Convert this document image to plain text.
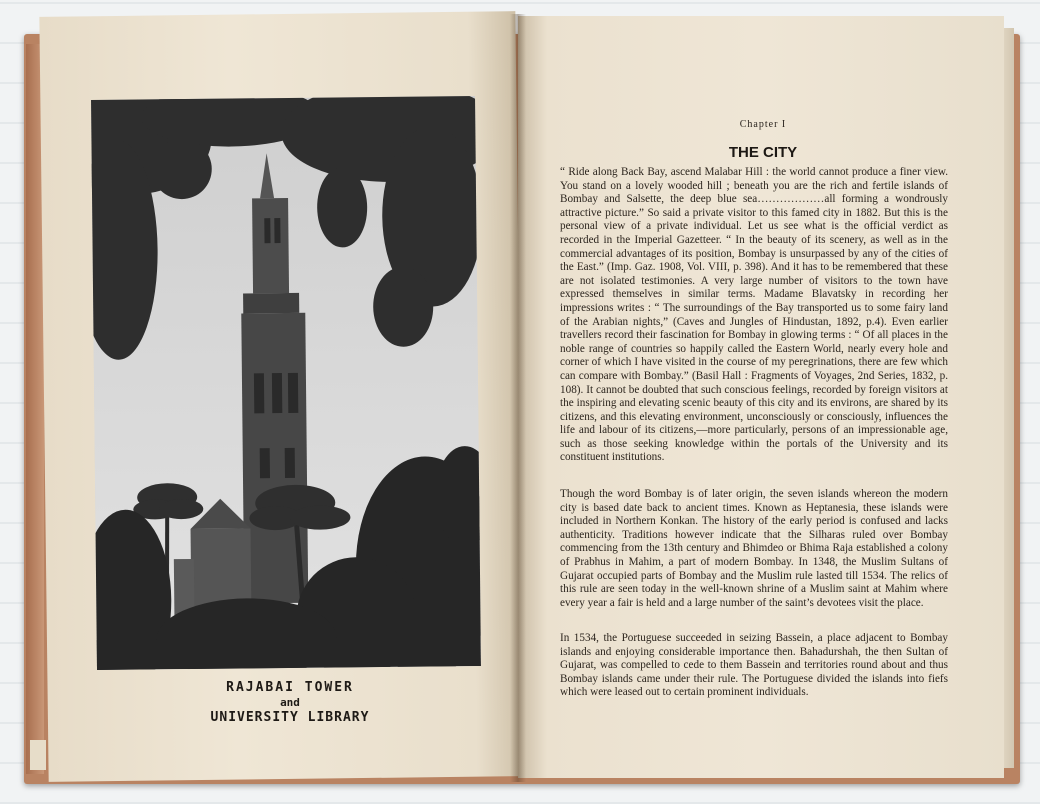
RAJABAI TOWER
and
UNIVERSITY LIBRARY
Chapter I
THE CITY

“ Ride along Back Bay, ascend Malabar Hill : the world cannot produce a finer view. You stand on a lovely wooded hill ; beneath you are the rich and fertile islands of Bombay and Salsette, the deep blue sea………………all forming a wondrously attractive picture.” So said a private visitor to this famed city in 1882. But this is the personal view of a private individual. Let us see what is the official verdict as recorded in the Imperial Gazetteer. “ In the beauty of its scenery, as well as in the commercial advantages of its position, Bombay is unsurpassed by any of the cities of the East.” (Imp. Gaz. 1908, Vol. VIII, p. 398). And it has to be remembered that these are not isolated testimonies. A very large number of visitors to the town have expressed themselves in similar terms. Madame Blavatsky in recording her impressions writes : “ The surroundings of the Bay transported us to some fairy land of the Arabian nights,” (Caves and Jungles of Hindustan, 1892, p.4). Even earlier travellers record their fascination for Bombay in glowing terms : “ Of all places in the noble range of countries so happily called the Eastern World, nearly every hole and corner of which I have visited in the course of my peregrinations, there are few which can compare with Bombay.” (Basil Hall : Fragments of Voyages, 2nd Series, 1832, p. 108). It cannot be doubted that such conscious feelings, recorded by foreign visitors at the inspiring and elevating scenic beauty of this city and its environs, are shared by its citizens, and this elevating environment, unconsciously or consciously, influences the life and labour of its citizens,—more particularly, persons of an impressionable age, such as those seeking knowledge within the portals of the University and its constituent institutions.

Though the word Bombay is of later origin, the seven islands whereon the modern city is based date back to ancient times. Known as Heptanesia, these islands were included in Northern Konkan. The history of the early period is confused and lacks authenticity. Traditions however indicate that the Silharas ruled over Bombay commencing from the 13th century and Bhimdeo or Bhima Raja established a colony of Prabhus in Mahim, a part of modern Bombay. In 1348, the Muslim Sultans of Gujarat occupied parts of Bombay and the Muslim rule lasted till 1534. The relics of this rule are seen today in the well-known shrine of a Muslim saint at Mahim where every year a fair is held and a large number of the saint’s devotees visit the place.

In 1534, the Portuguese succeeded in seizing Bassein, a place adjacent to Bombay islands and enjoying considerable importance then. Bahadurshah, the then Sultan of Gujarat, was compelled to cede to them Bassein and territories round about and thus Bombay islands came under their rule. The Portuguese divided the islands into fiefs which were leased out to certain prominent individuals.
